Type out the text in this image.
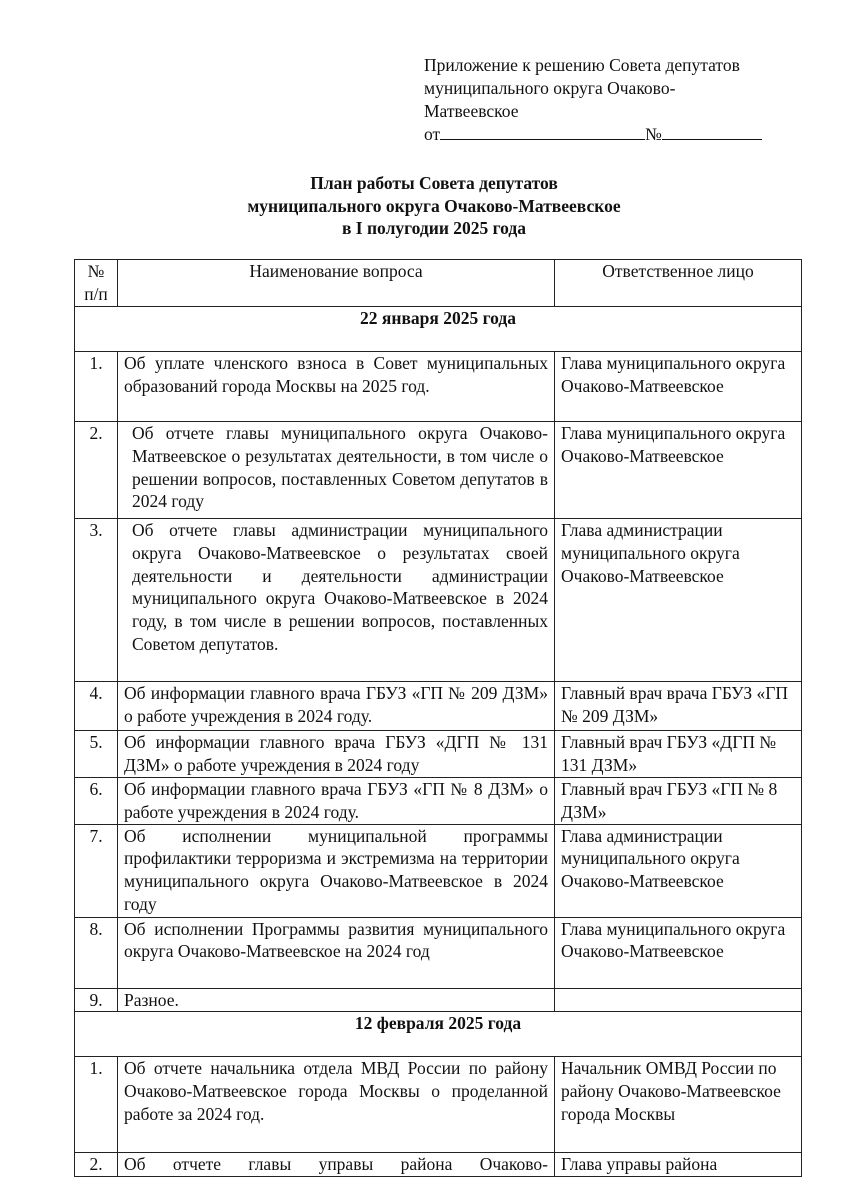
Приложение к решению Совета депутатов
муниципального округа Очаково-
Матвеевское
от	№
План работы Совета депутатов
муниципального округа Очаково-Матвеевское
в I полугодии 2025 года
№ п/п	Наименование вопроса	Ответственное лицо
22 января 2025 года		
1.	Об уплате членского взноса в Совет муниципальных образований города Москвы на 2025 год.	Глава муниципального округа Очаково-Матвеевское
2.	Об отчете главы муниципального округа Очаково-Матвеевское о результатах деятельности, в том числе о решении вопросов, поставленных Советом депутатов в 2024 году	Глава муниципального округа Очаково-Матвеевское
3.	Об отчете главы администрации муниципального округа Очаково-Матвеевское о результатах своей деятельности и деятельности администрации муниципального округа Очаково-Матвеевское в 2024 году, в том числе в решении вопросов, поставленных Советом депутатов.	Глава администрации муниципального округа Очаково-Матвеевское
4.	Об информации главного врача ГБУЗ «ГП № 209 ДЗМ» о работе учреждения в 2024 году.	Главный врач врача ГБУЗ «ГП № 209 ДЗМ»
5.	Об информации главного врача ГБУЗ «ДГП № 131 ДЗМ» о работе учреждения в 2024 году	Главный врач ГБУЗ «ДГП № 131 ДЗМ»
6.	Об информации главного врача ГБУЗ «ГП № 8 ДЗМ» о работе учреждения в 2024 году.	Главный врач ГБУЗ «ГП № 8 ДЗМ»
7.	Об исполнении муниципальной программы профилактики терроризма и экстремизма на территории муниципального округа Очаково-Матвеевское в 2024 году	Глава администрации муниципального округа Очаково-Матвеевское
8.	Об исполнении Программы развития муниципального округа Очаково-Матвеевское на 2024 год	Глава муниципального округа Очаково-Матвеевское
9.	Разное.	
12 февраля 2025 года		
1.	Об отчете начальника отдела МВД России по району Очаково-Матвеевское города Москвы о проделанной работе за 2024 год.	Начальник ОМВД России по району Очаково-Матвеевское города Москвы
2.	Об отчете главы управы района Очаково-	Глава управы района
